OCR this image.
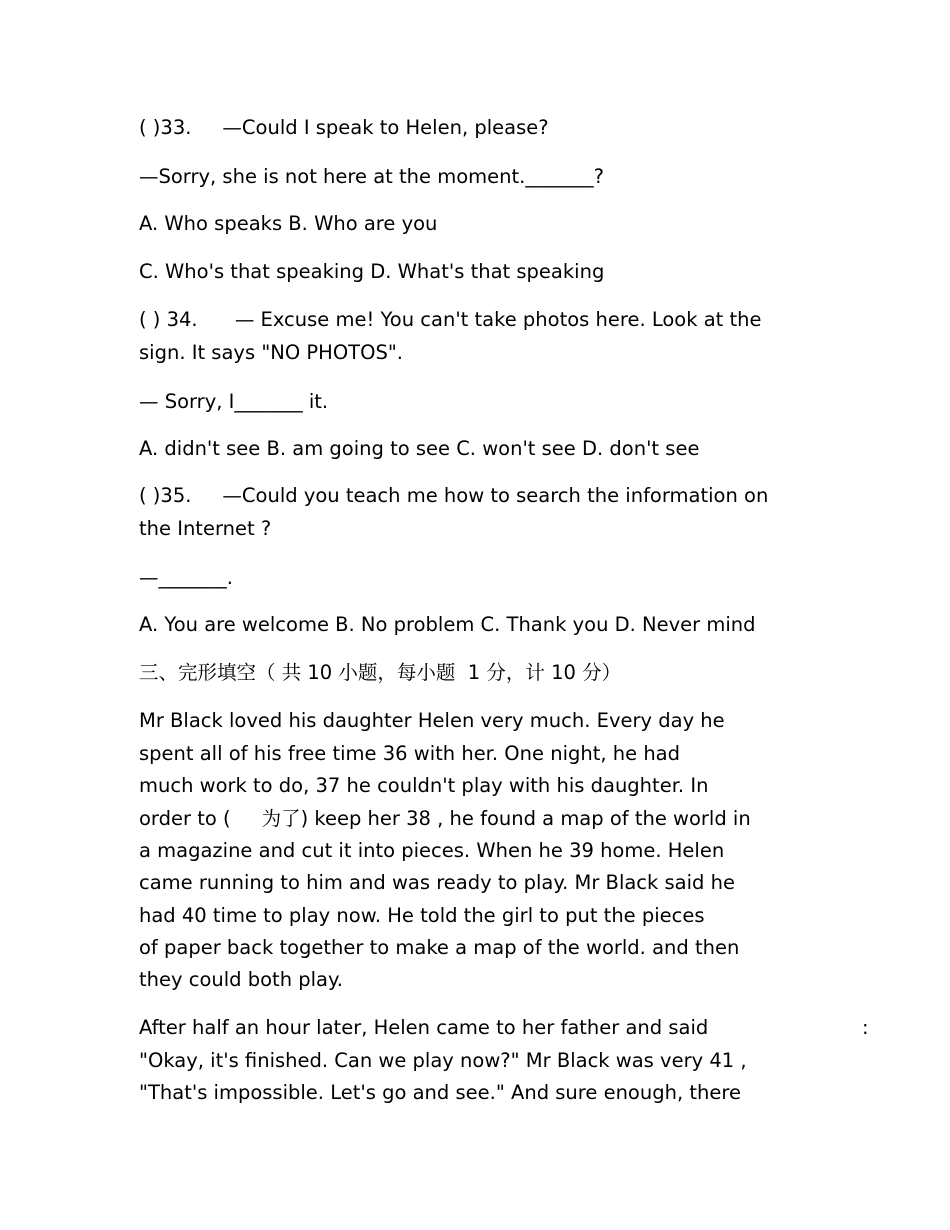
( )33.     —Could I speak to Helen, please?
—Sorry, she is not here at the moment._______?
A. Who speaks B. Who are you
C. Who's that speaking D. What's that speaking
( ) 34.      — Excuse me! You can't take photos here. Look at the
sign. It says "NO PHOTOS".
— Sorry, I_______ it.
A. didn't see B. am going to see C. won't see D. don't see
( )35.     —Could you teach me how to search the information on
the Internet ?
—_______.
A. You are welcome B. No problem C. Thank you D. Never mind
三、完形填空（ 共 10 小题，每小题  1 分，计 10 分）
Mr Black loved his daughter Helen very much. Every day he
spent all of his free time 36 with her. One night, he had
much work to do, 37 he couldn't play with his daughter. In
order to (     为了) keep her 38 , he found a map of the world in
a magazine and cut it into pieces. When he 39 home. Helen
came running to him and was ready to play. Mr Black said he
had 40 time to play now. He told the girl to put the pieces
of paper back together to make a map of the world. and then
they could both play.
After half an hour later, Helen came to her father and said	:
"Okay, it's finished. Can we play now?" Mr Black was very 41 ,
"That's impossible. Let's go and see." And sure enough, there
